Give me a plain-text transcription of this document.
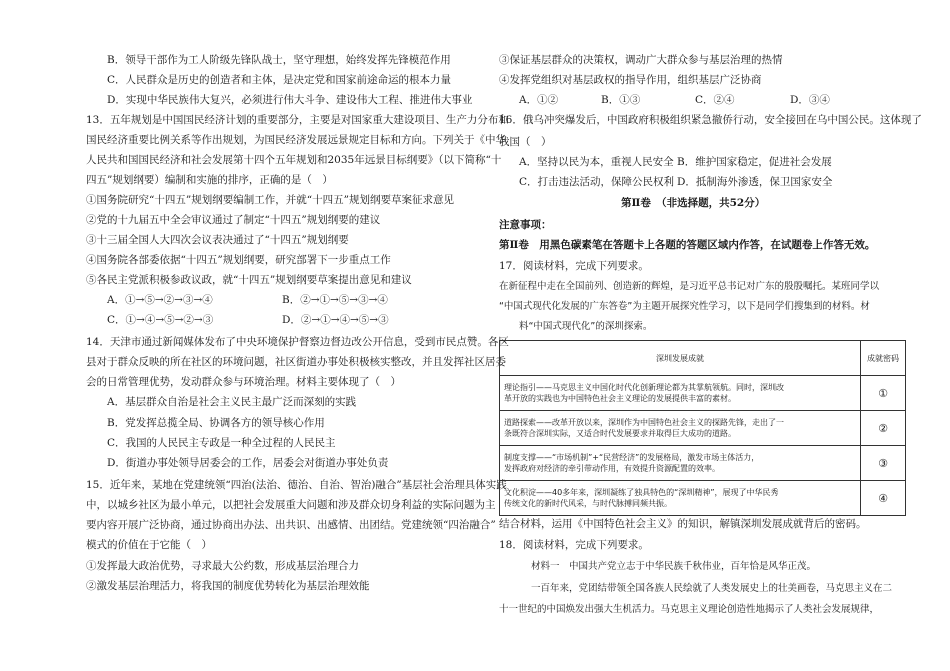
B．领导干部作为工人阶级先锋队战士，坚守理想，始终发挥先锋模范作用
C．人民群众是历史的创造者和主体，是决定党和国家前途命运的根本力量
D．实现中华民族伟大复兴，必须进行伟大斗争、建设伟大工程、推进伟大事业
13．五年规划是中国国民经济计划的重要部分，主要是对国家重大建设项目、生产力分布和
国民经济重要比例关系等作出规划，为国民经济发展远景规定目标和方向。下列关于《中华
人民共和国国民经济和社会发展第十四个五年规划和2035年远景目标纲要》（以下简称“十
四五”规划纲要）编制和实施的排序，正确的是（　）
①国务院研究“十四五”规划纲要编制工作，并就“十四五”规划纲要草案征求意见
②党的十九届五中全会审议通过了制定“十四五”规划纲要的建议
③十三届全国人大四次会议表决通过了“十四五”规划纲要
④国务院各部委依据“十四五”规划纲要，研究部署下一步重点工作
⑤各民主党派积极参政议政，就“十四五”规划纲要草案提出意见和建议
A．①→⑤→②→③→④	B．②→①→⑤→③→④
C．①→④→⑤→②→③	D．②→①→④→⑤→③
14．天津市通过新闻媒体发布了中央环境保护督察边督边改公开信息，受到市民点赞。各区
县对于群众反映的所在社区的环境问题，社区街道办事处积极核实整改，并且发挥社区居委
会的日常管理优势，发动群众参与环境治理。材料主要体现了（　）
A．基层群众自治是社会主义民主最广泛而深刻的实践
B．党发挥总揽全局、协调各方的领导核心作用
C．我国的人民民主专政是一种全过程的人民民主
D．街道办事处领导居委会的工作，居委会对街道办事处负责
15．近年来，某地在党建统领“四治(法治、德治、自治、智治)融合”基层社会治理具体实践
中，以城乡社区为最小单元，以把社会发展重大问题和涉及群众切身利益的实际问题为主
要内容开展广泛协商，通过协商出办法、出共识、出感情、出团结。党建统领“四治融合”
模式的价值在于它能（　）
①发挥最大政治优势，寻求最大公约数，形成基层治理合力
②激发基层治理活力，将我国的制度优势转化为基层治理效能
③保证基层群众的决策权，调动广大群众参与基层治理的热情
④发挥党组织对基层政权的指导作用，组织基层广泛协商
A．①②	B．①③	C．②④	D．③④
16．俄乌冲突爆发后，中国政府积极组织紧急撤侨行动，安全接回在乌中国公民。这体现了
我国（　）
A．坚持以民为本，重视人民安全 B．维护国家稳定，促进社会发展
C．打击违法活动，保障公民权利 D．抵制海外渗透，保卫国家安全
第Ⅱ卷　（非选择题，共52分）
注意事项：
第Ⅱ卷　用黑色碳素笔在答题卡上各题的答题区域内作答，在试题卷上作答无效。
17．阅读材料，完成下列要求。
在新征程中走在全国前列、创造新的辉煌，是习近平总书记对广东的殷殷嘱托。某班同学以
“中国式现代化发展的广东答卷”为主题开展探究性学习，以下是同学们搜集到的材料。材
料“中国式现代化”的深圳探索。
结合材料，运用《中国特色社会主义》的知识，解镇深圳发展成就背后的密码。
18．阅读材料，完成下列要求。
材料一　中国共产党立志于中华民族千秋伟业，百年恰是风华正茂。
一百年来，党团结带领全国各族人民绘就了人类发展史上的壮美画卷，马克思主义在二
十一世纪的中国焕发出强大生机活力。马克思主义理论创造性地揭示了人类社会发展规律，
深圳发展成就	成就密码

理论指引——马克思主义中国化时代化创新理论都为其掌航领航。同时，深圳改
革开放的实践也为中国特色社会主义理论的发展提供丰富的素材。	①

道路探索——改革开放以来，深圳作为中国特色社会主义的探路先锋，走出了一
条既符合深圳实际，又适合时代发展要求并取得巨大成功的道路。	②

制度支撑——“市场机制”+“民营经济”的发展格局，激发市场主体活力，
发挥政府对经济的牵引带动作用，有效提升资源配置的效率。	③

文化积淀——40多年来，深圳凝练了独具特色的“深圳精神”，展现了中华民秀
传统文化的新时代风采，与时代脉搏同频共振。	④
